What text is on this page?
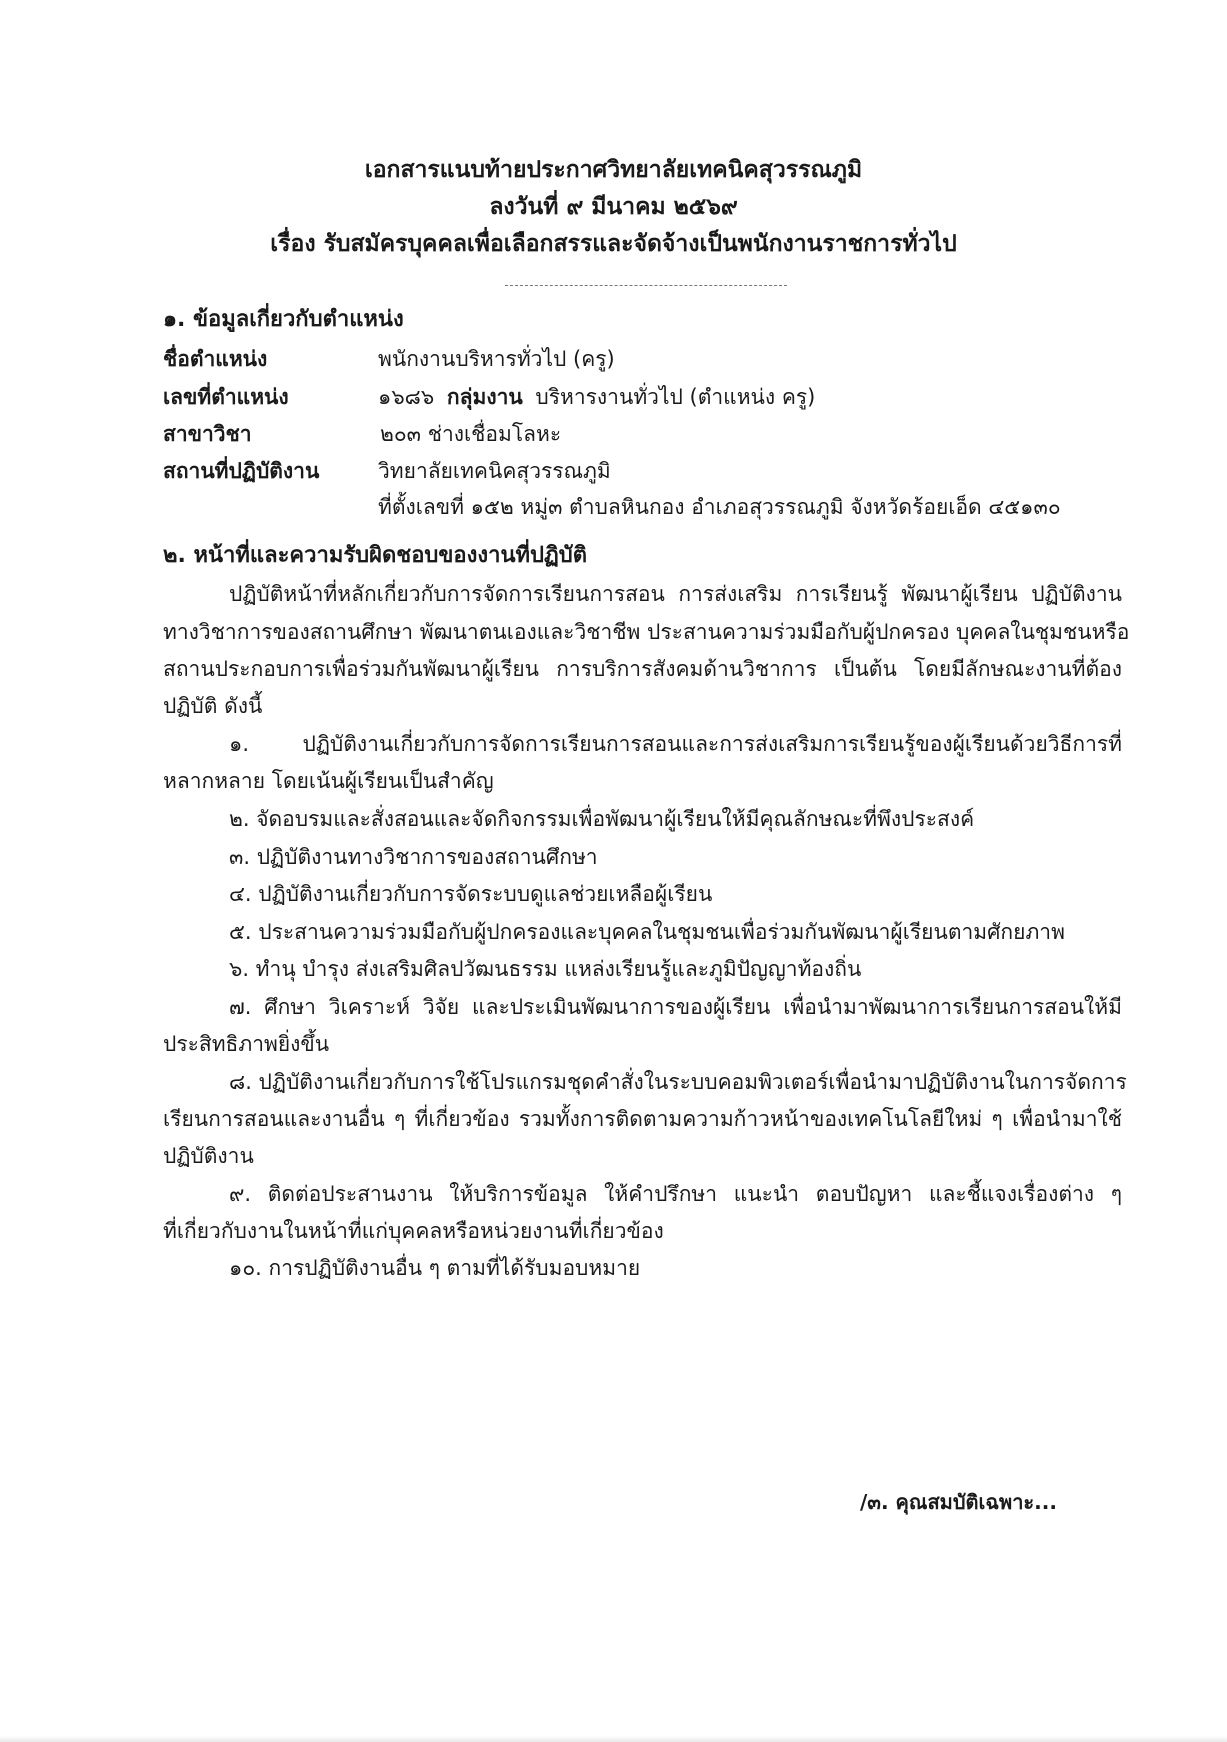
เอกสารแนบท้ายประกาศวิทยาลัยเทคนิคสุวรรณภูมิ
ลงวันที่ ๙ มีนาคม ๒๕๖๙
เรื่อง รับสมัครบุคคลเพื่อเลือกสรรและจัดจ้างเป็นพนักงานราชการทั่วไป
๑. ข้อมูลเกี่ยวกับตำแหน่ง
ชื่อตำแหน่ง	พนักงานบริหารทั่วไป (ครู)
เลขที่ตำแหน่ง	๑๖๘๖ กลุ่มงาน บริหารงานทั่วไป (ตำแหน่ง ครู)
สาขาวิชา	๒๐๓ ช่างเชื่อมโลหะ
สถานที่ปฏิบัติงาน	วิทยาลัยเทคนิคสุวรรณภูมิ
ที่ตั้งเลขที่ ๑๕๒ หมู่๓ ตำบลหินกอง อำเภอสุวรรณภูมิ จังหวัดร้อยเอ็ด ๔๕๑๓๐
๒. หน้าที่และความรับผิดชอบของงานที่ปฏิบัติ
ปฏิบัติหน้าที่หลักเกี่ยวกับการจัดการเรียนการสอน การส่งเสริม การเรียนรู้ พัฒนาผู้เรียน ปฏิบัติงาน
ทางวิชาการของสถานศึกษา พัฒนาตนเองและวิชาชีพ ประสานความร่วมมือกับผู้ปกครอง บุคคลในชุมชนหรือ
สถานประกอบการเพื่อร่วมกันพัฒนาผู้เรียน การบริการสังคมด้านวิชาการ เป็นต้น โดยมีลักษณะงานที่ต้อง
ปฏิบัติ ดังนี้
๑. ปฏิบัติงานเกี่ยวกับการจัดการเรียนการสอนและการส่งเสริมการเรียนรู้ของผู้เรียนด้วยวิธีการที่
หลากหลาย โดยเน้นผู้เรียนเป็นสำคัญ
๒. จัดอบรมและสั่งสอนและจัดกิจกรรมเพื่อพัฒนาผู้เรียนให้มีคุณลักษณะที่พึงประสงค์
๓. ปฏิบัติงานทางวิชาการของสถานศึกษา
๔. ปฏิบัติงานเกี่ยวกับการจัดระบบดูแลช่วยเหลือผู้เรียน
๕. ประสานความร่วมมือกับผู้ปกครองและบุคคลในชุมชนเพื่อร่วมกันพัฒนาผู้เรียนตามศักยภาพ
๖. ทำนุ บำรุง ส่งเสริมศิลปวัฒนธรรม แหล่งเรียนรู้และภูมิปัญญาท้องถิ่น
๗. ศึกษา วิเคราะห์ วิจัย และประเมินพัฒนาการของผู้เรียน เพื่อนำมาพัฒนาการเรียนการสอนให้มี
ประสิทธิภาพยิ่งขึ้น
๘. ปฏิบัติงานเกี่ยวกับการใช้โปรแกรมชุดคำสั่งในระบบคอมพิวเตอร์เพื่อนำมาปฏิบัติงานในการจัดการ
เรียนการสอนและงานอื่น ๆ ที่เกี่ยวข้อง รวมทั้งการติดตามความก้าวหน้าของเทคโนโลยีใหม่ ๆ เพื่อนำมาใช้
ปฏิบัติงาน
๙. ติดต่อประสานงาน ให้บริการข้อมูล ให้คำปรึกษา แนะนำ ตอบปัญหา และชี้แจงเรื่องต่าง ๆ
ที่เกี่ยวกับงานในหน้าที่แก่บุคคลหรือหน่วยงานที่เกี่ยวข้อง
๑๐. การปฏิบัติงานอื่น ๆ ตามที่ได้รับมอบหมาย
/๓. คุณสมบัติเฉพาะ...
